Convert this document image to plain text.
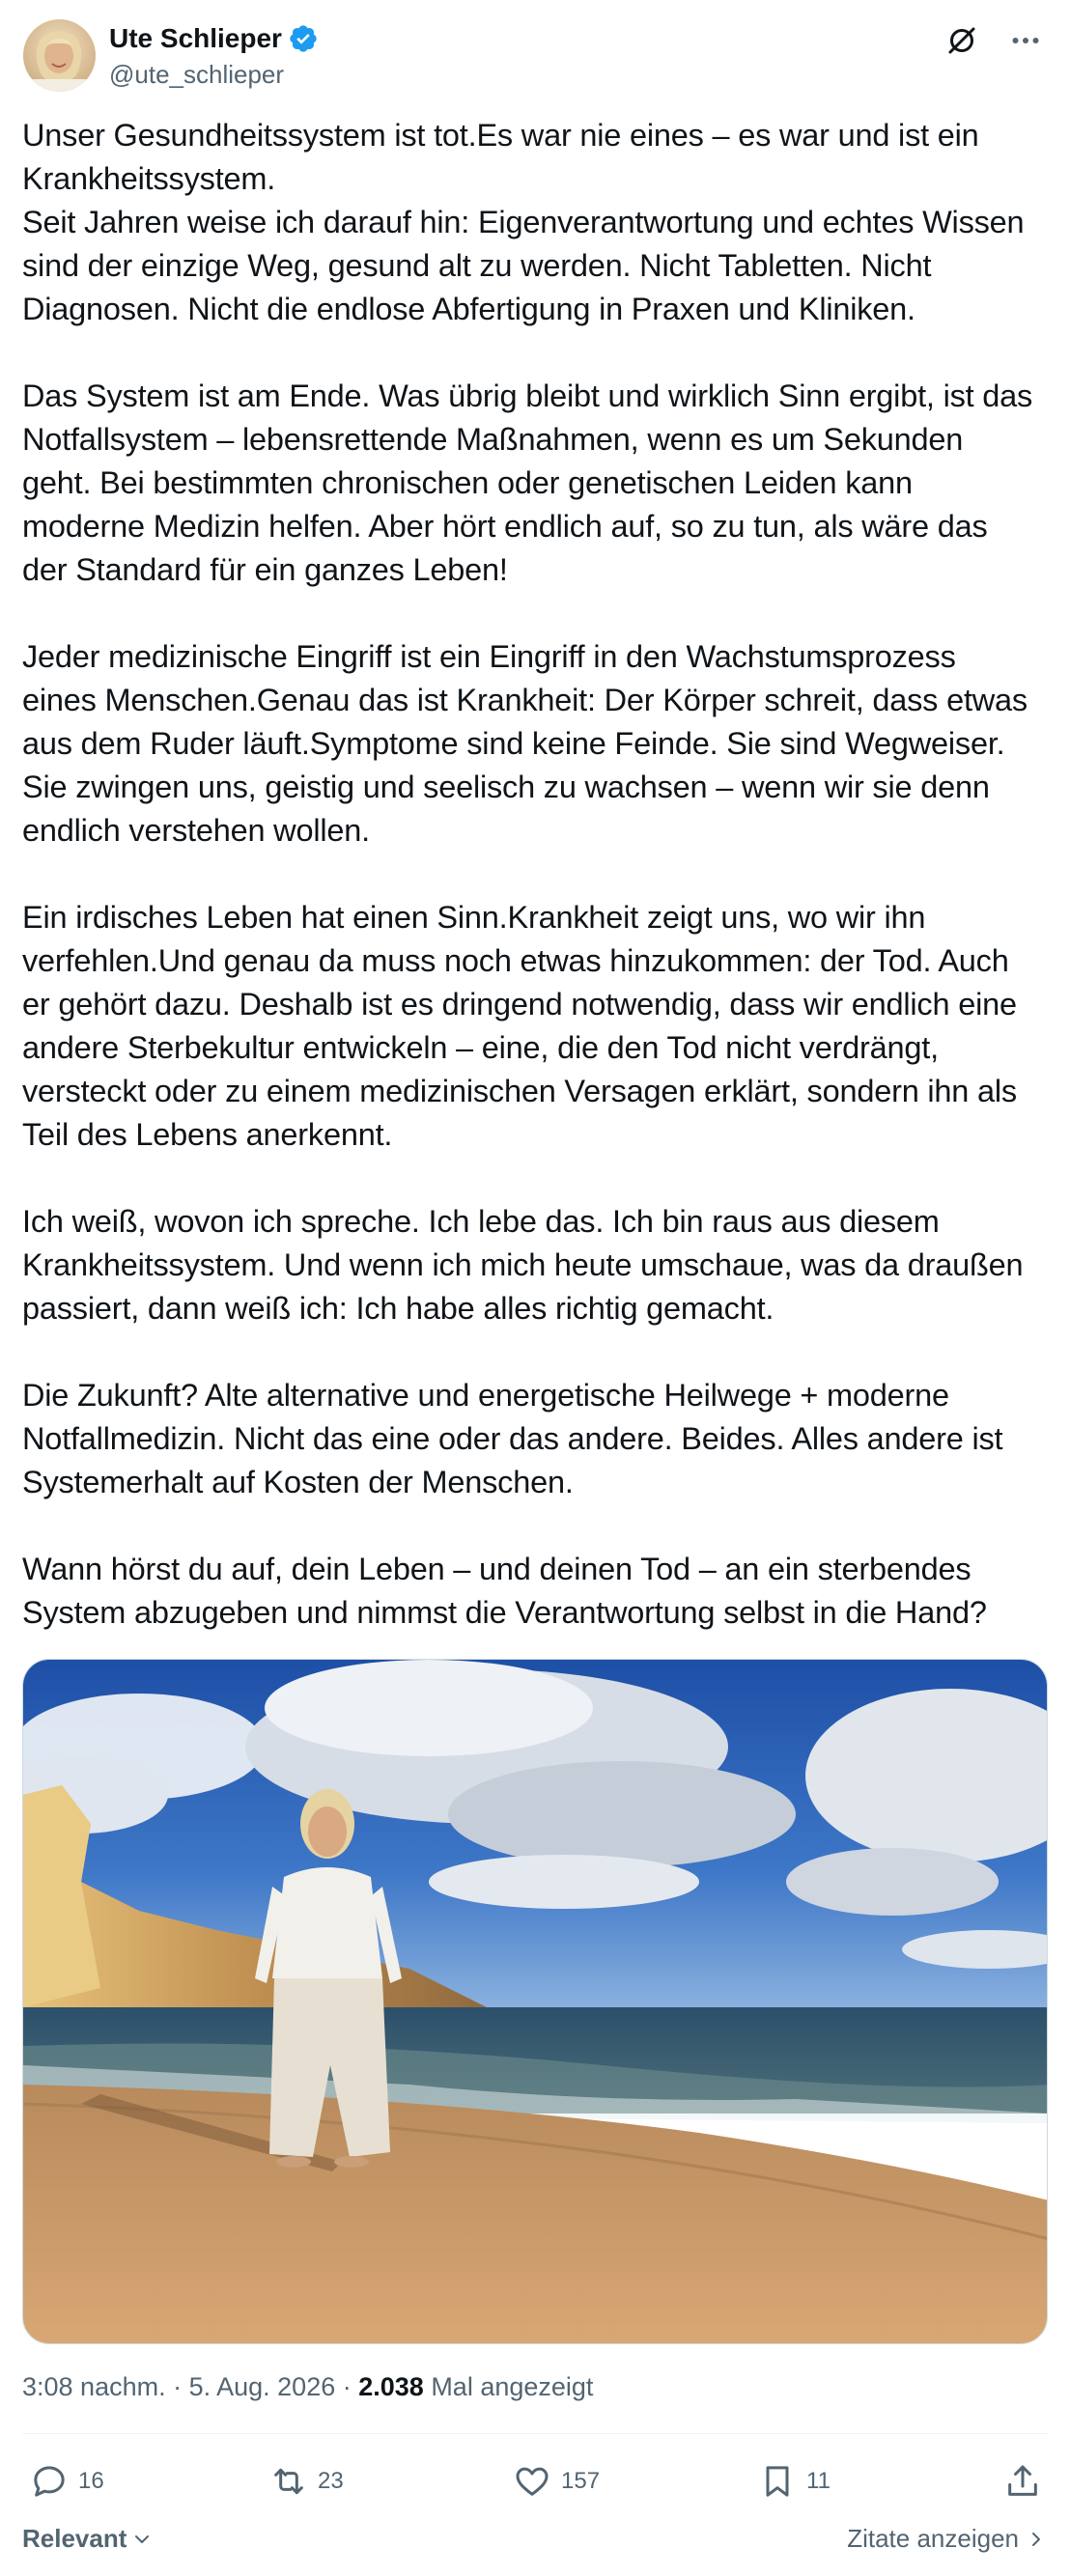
Ute Schlieper
@ute_schlieper

Unser Gesundheitssystem ist tot.Es war nie eines – es war und ist ein

Krankheitssystem.

Seit Jahren weise ich darauf hin: Eigenverantwortung und echtes Wissen

sind der einzige Weg, gesund alt zu werden. Nicht Tabletten. Nicht

Diagnosen. Nicht die endlose Abfertigung in Praxen und Kliniken.

Das System ist am Ende. Was übrig bleibt und wirklich Sinn ergibt, ist das

Notfallsystem – lebensrettende Maßnahmen, wenn es um Sekunden

geht. Bei bestimmten chronischen oder genetischen Leiden kann

moderne Medizin helfen. Aber hört endlich auf, so zu tun, als wäre das

der Standard für ein ganzes Leben!

Jeder medizinische Eingriff ist ein Eingriff in den Wachstumsprozess

eines Menschen.Genau das ist Krankheit: Der Körper schreit, dass etwas

aus dem Ruder läuft.Symptome sind keine Feinde. Sie sind Wegweiser.

Sie zwingen uns, geistig und seelisch zu wachsen – wenn wir sie denn

endlich verstehen wollen.

Ein irdisches Leben hat einen Sinn.Krankheit zeigt uns, wo wir ihn

verfehlen.Und genau da muss noch etwas hinzukommen: der Tod. Auch

er gehört dazu. Deshalb ist es dringend notwendig, dass wir endlich eine

andere Sterbekultur entwickeln – eine, die den Tod nicht verdrängt,

versteckt oder zu einem medizinischen Versagen erklärt, sondern ihn als

Teil des Lebens anerkennt.

Ich weiß, wovon ich spreche. Ich lebe das. Ich bin raus aus diesem

Krankheitssystem. Und wenn ich mich heute umschaue, was da draußen

passiert, dann weiß ich: Ich habe alles richtig gemacht.

Die Zukunft? Alte alternative und energetische Heilwege + moderne

Notfallmedizin. Nicht das eine oder das andere. Beides. Alles andere ist

Systemerhalt auf Kosten der Menschen.

Wann hörst du auf, dein Leben – und deinen Tod – an ein sterbendes

System abzugeben und nimmst die Verantwortung selbst in die Hand?

3:08 nachm. · 5. Aug. 2026 · 2.038 Mal angezeigt
16	23	157	11
Relevant	Zitate anzeigen
